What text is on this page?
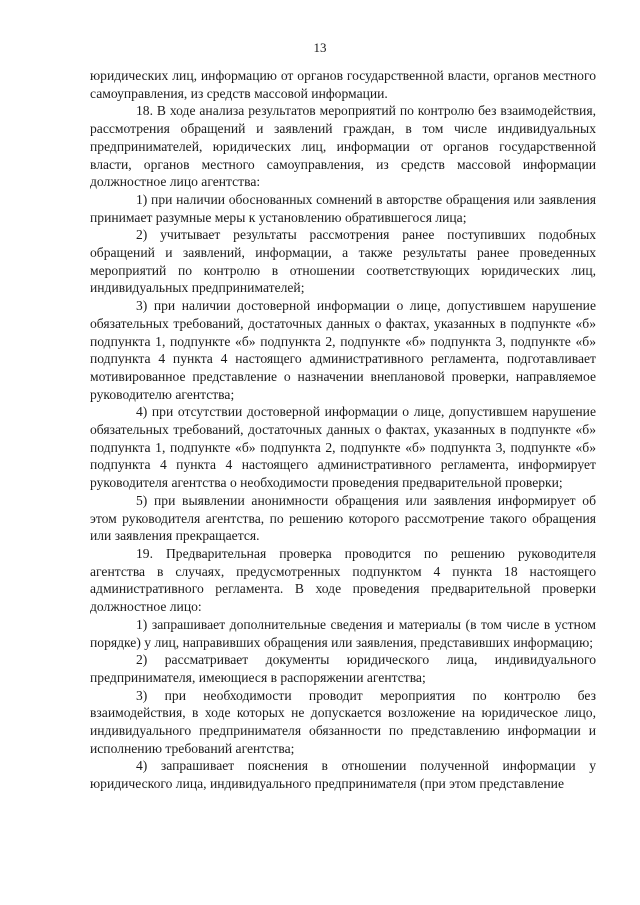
13

юридических лиц, информацию от органов государственной власти, органов местного самоуправления, из средств массовой информации.

18. В ходе анализа результатов мероприятий по контролю без взаимодействия, рассмотрения обращений и заявлений граждан, в том числе индивидуальных предпринимателей, юридических лиц, информации от органов государственной власти, органов местного самоуправления, из средств массовой информации должностное лицо агентства:

1) при наличии обоснованных сомнений в авторстве обращения или заявления принимает разумные меры к установлению обратившегося лица;

2) учитывает результаты рассмотрения ранее поступивших подобных обращений и заявлений, информации, а также результаты ранее проведенных мероприятий по контролю в отношении соответствующих юридических лиц, индивидуальных предпринимателей;

3) при наличии достоверной информации о лице, допустившем нарушение обязательных требований, достаточных данных о фактах, указанных в подпункте «б» подпункта 1, подпункте «б» подпункта 2, подпункте «б» подпункта 3, подпункте «б» подпункта 4 пункта 4 настоящего административного регламента, подготавливает мотивированное представление о назначении внеплановой проверки, направляемое руководителю агентства;

4) при отсутствии достоверной информации о лице, допустившем нарушение обязательных требований, достаточных данных о фактах, указанных в подпункте «б» подпункта 1, подпункте «б» подпункта 2, подпункте «б» подпункта 3, подпункте «б» подпункта 4 пункта 4 настоящего административного регламента, информирует руководителя агентства о необходимости проведения предварительной проверки;

5) при выявлении анонимности обращения или заявления информирует об этом руководителя агентства, по решению которого рассмотрение такого обращения или заявления прекращается.

19. Предварительная проверка проводится по решению руководителя агентства в случаях, предусмотренных подпунктом 4 пункта 18 настоящего административного регламента. В ходе проведения предварительной проверки должностное лицо:

1) запрашивает дополнительные сведения и материалы (в том числе в устном порядке) у лиц, направивших обращения или заявления, представивших информацию;

2) рассматривает документы юридического лица, индивидуального предпринимателя, имеющиеся в распоряжении агентства;

3) при необходимости проводит мероприятия по контролю без взаимодействия, в ходе которых не допускается возложение на юридическое лицо, индивидуального предпринимателя обязанности по представлению информации и исполнению требований агентства;

4) запрашивает пояснения в отношении полученной информации у юридического лица, индивидуального предпринимателя (при этом представление
